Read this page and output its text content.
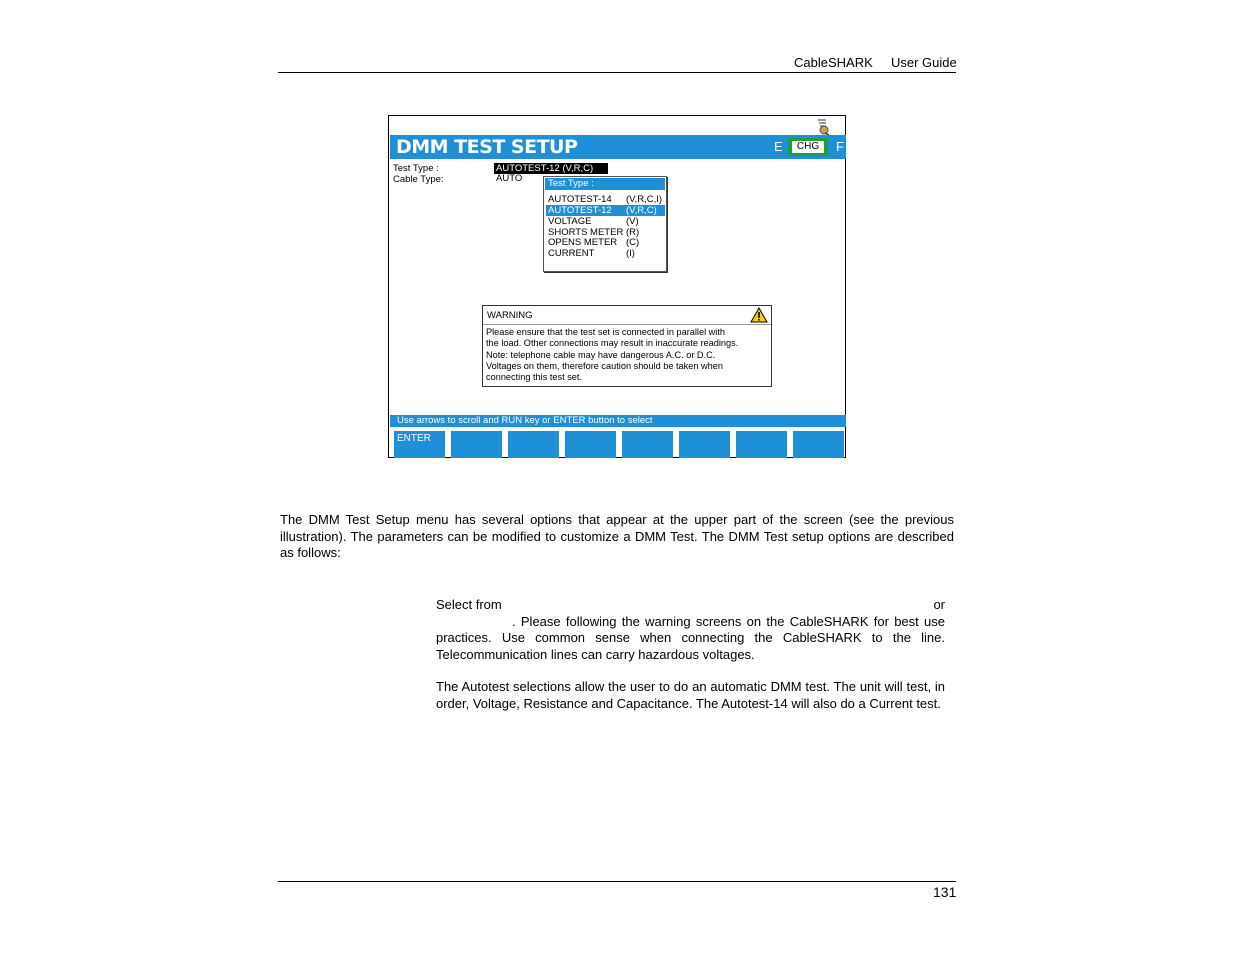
CableSHARK User Guide
DMM TEST SETUP	E	CHG	F
Test Type :	AUTOTEST-12 (V,R,C)
Cable Type:	AUTO	Test Type :
AUTOTEST-14 (V,R,C,I)
AUTOTEST-12 (V,R,C)
VOLTAGE	(V)
SHORTS METER (R)
OPENS METER (C)
CURRENT	(I)
WARNING
Please ensure that the test set is connected in parallel with
the load. Other connections may result in inaccurate readings.
Note: telephone cable may have dangerous A.C. or D.C.
Voltages on them, therefore caution should be taken when
connecting this test set.
Use arrows to scroll and RUN key or ENTER button to select
ENTER
The DMM Test Setup menu has several options that appear at the upper part of the screen (see the previous illustration). The parameters can be modified to customize a DMM Test. The DMM Test setup options are described as follows:
Select from	or
. Please following the warning screens on the CableSHARK for best use practices. Use common sense when connecting the CableSHARK to the line. Telecommunication lines can carry hazardous voltages.
The Autotest selections allow the user to do an automatic DMM test. The unit will test, in order, Voltage, Resistance and Capacitance. The Autotest-14 will also do a Current test.
131
